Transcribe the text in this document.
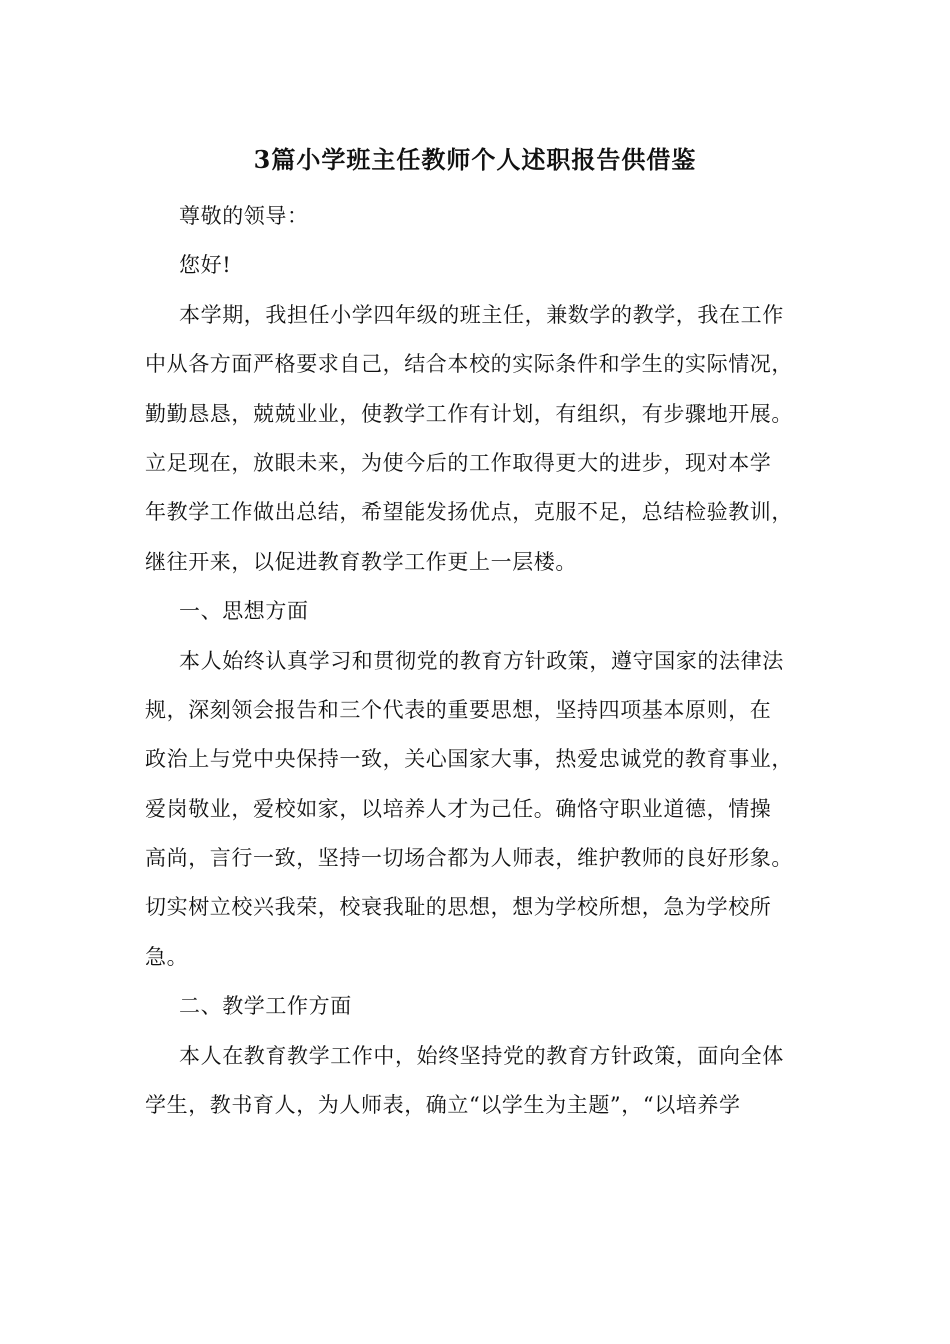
3篇小学班主任教师个人述职报告供借鉴
尊敬的领导：
您好!
本学期，我担任小学四年级的班主任，兼数学的教学，我在工作
中从各方面严格要求自己，结合本校的实际条件和学生的实际情况，
勤勤恳恳，兢兢业业，使教学工作有计划，有组织，有步骤地开展。
立足现在，放眼未来，为使今后的工作取得更大的进步，现对本学
年教学工作做出总结，希望能发扬优点，克服不足，总结检验教训，
继往开来，以促进教育教学工作更上一层楼。
一、思想方面
本人始终认真学习和贯彻党的教育方针政策，遵守国家的法律法
规，深刻领会报告和三个代表的重要思想，坚持四项基本原则，在
政治上与党中央保持一致，关心国家大事，热爱忠诚党的教育事业，
爱岗敬业，爱校如家，以培养人才为己任。确恪守职业道德，情操
高尚，言行一致，坚持一切场合都为人师表，维护教师的良好形象。
切实树立校兴我荣，校衰我耻的思想，想为学校所想，急为学校所
急。
二、教学工作方面
本人在教育教学工作中，始终坚持党的教育方针政策，面向全体
学生，教书育人，为人师表，确立“以学生为主题”，“以培养学
